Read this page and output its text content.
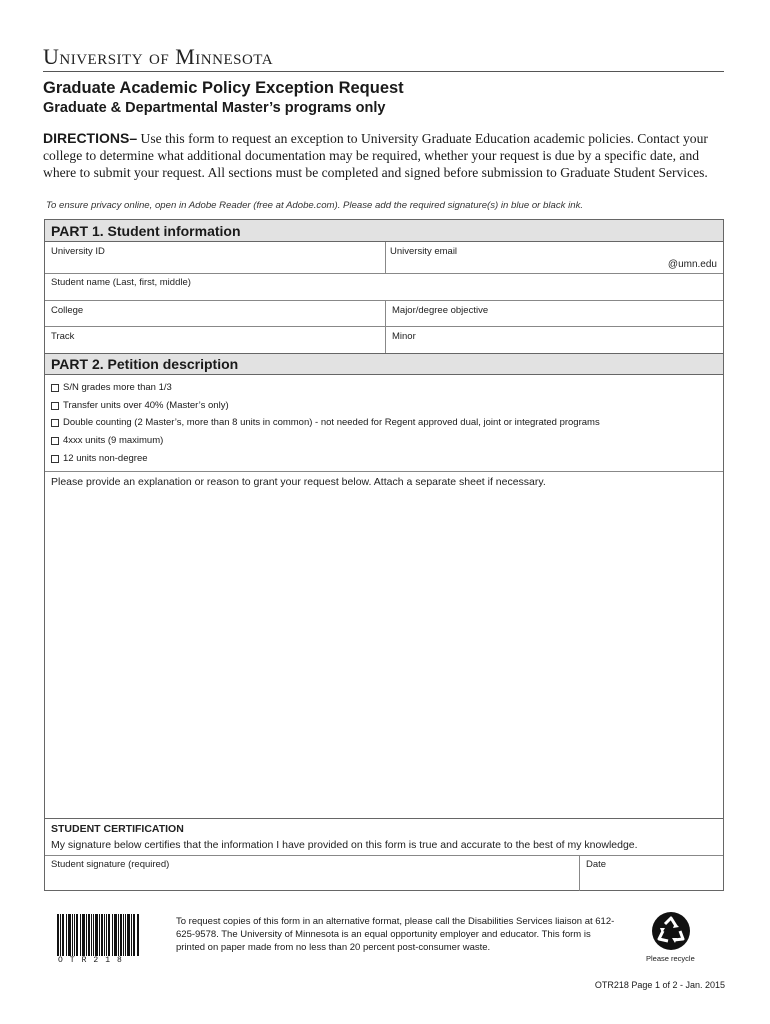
University of Minnesota
Graduate Academic Policy Exception Request
Graduate & Departmental Master’s programs only
DIRECTIONS– Use this form to request an exception to University Graduate Education academic policies. Contact your college to determine what additional documentation may be required, whether your request is due by a specific date, and where to submit your request. All sections must be completed and signed before submission to Graduate Student Services.
To ensure privacy online, open in Adobe Reader (free at Adobe.com). Please add the required signature(s) in blue or black ink.
PART 1. Student information
University ID	University email
@umn.edu
Student name (Last, first, middle)
College	Major/degree objective
Track	Minor
PART 2. Petition description
S/N grades more than 1/3
Transfer units over 40% (Master’s only)
Double counting (2 Master’s, more than 8 units in common) - not needed for Regent approved dual, joint or integrated programs
4xxx units (9 maximum)
12 units non-degree
Please provide an explanation or reason to grant your request below. Attach a separate sheet if necessary.
STUDENT CERTIFICATION
My signature below certifies that the information I have provided on this form is true and accurate to the best of my knowledge.
Student signature (required)	Date
OTR218
To request copies of this form in an alternative format, please call the Disabilities Services liaison at 612-625-9578. The University of Minnesota is an equal opportunity employer and educator. This form is printed on paper made from no less than 20 percent post-consumer waste.
Please recycle
OTR218 Page 1 of 2 - Jan. 2015
